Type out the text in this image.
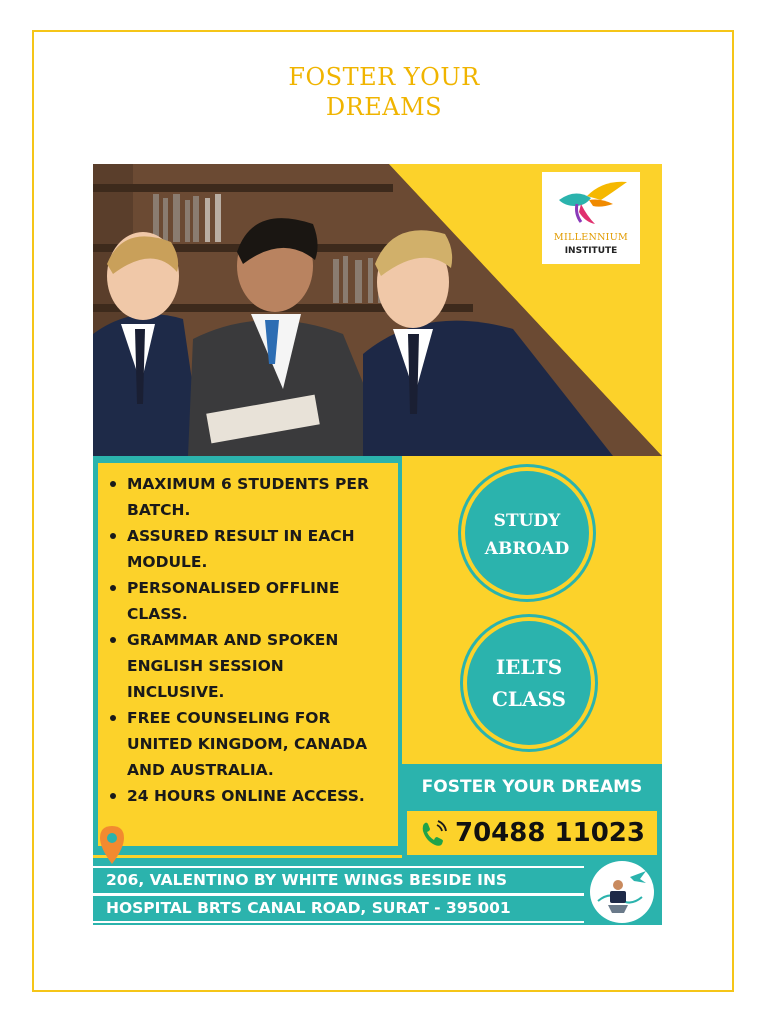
FOSTER YOUR
DREAMS
MILLENNIUM
INSTITUTE
MAXIMUM 6 STUDENTS PER
BATCH.
ASSURED RESULT IN EACH
MODULE.
PERSONALISED OFFLINE
CLASS.
GRAMMAR AND SPOKEN
ENGLISH SESSION
INCLUSIVE.
FREE COUNSELING FOR
UNITED KINGDOM, CANADA
AND AUSTRALIA.
24 HOURS ONLINE ACCESS.
STUDY
ABROAD
IELTS
CLASS
FOSTER YOUR DREAMS
70488 11023
206, VALENTINO BY WHITE WINGS BESIDE INS
HOSPITAL BRTS CANAL ROAD, SURAT - 395001
